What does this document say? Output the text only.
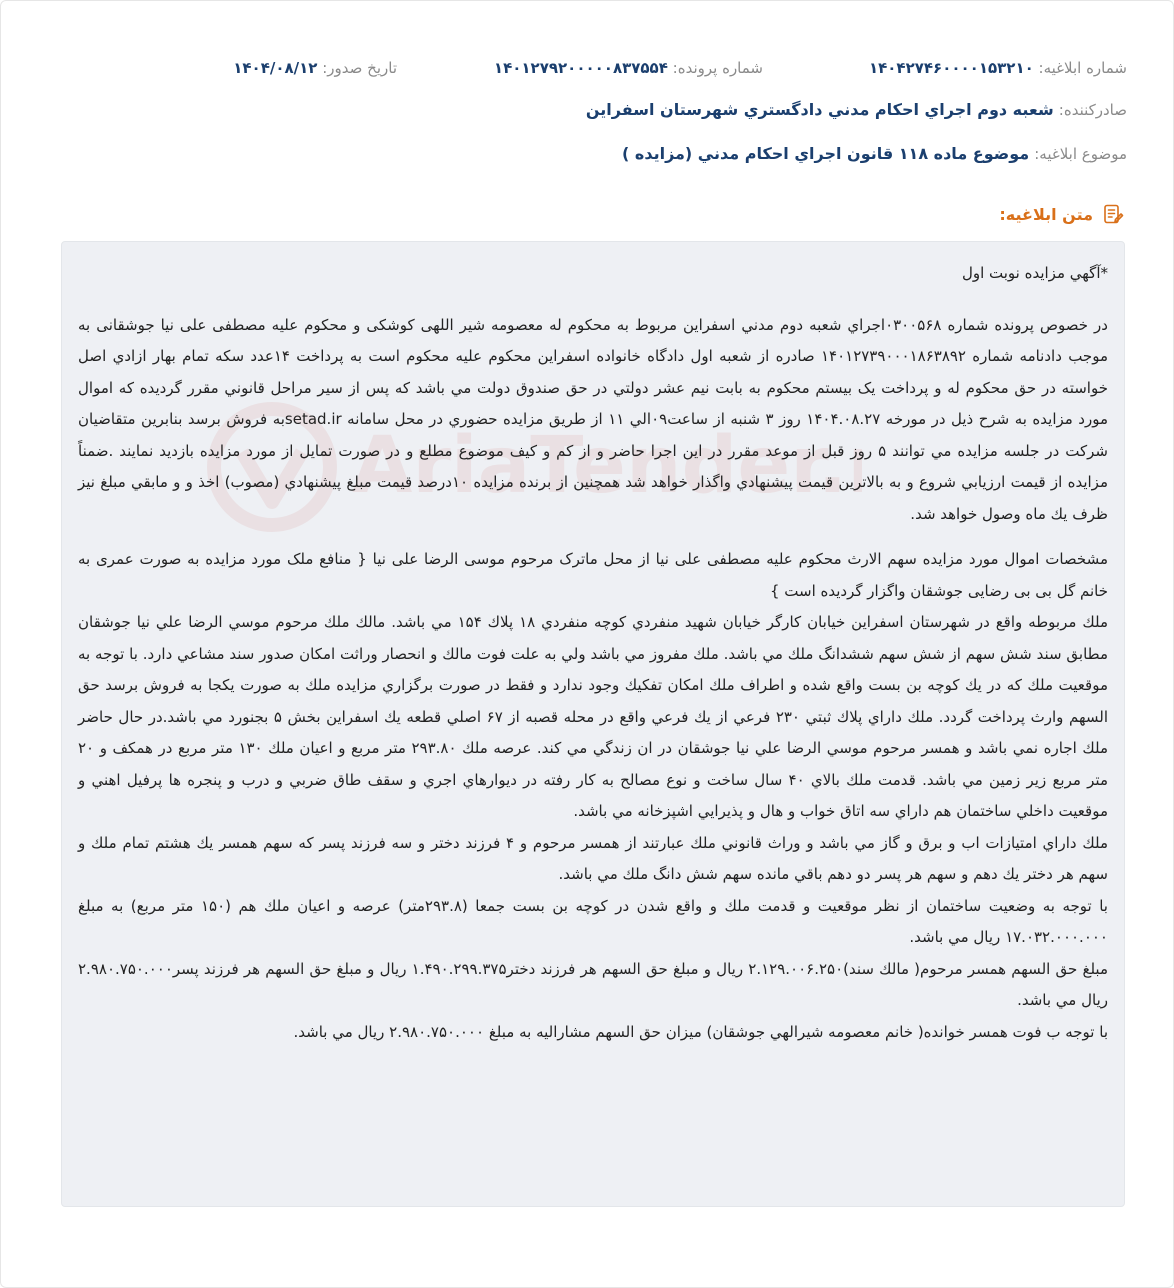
شماره ابلاغیه: ۱۴۰۴۲۷۴۶۰۰۰۰۱۵۳۲۱۰
شماره پرونده: ۱۴۰۱۲۷۹۲۰۰۰۰۰۸۳۷۵۵۴
تاریخ صدور: ۱۴۰۴/۰۸/۱۲
صادرکننده: شعبه دوم اجراي احكام مدني دادگستري شهرستان اسفراين
موضوع ابلاغیه: موضوع ماده ۱۱۸ قانون اجراي احكام مدني (مزايده )
متن ابلاغیه:
AriaTender.

*آگهي مزايده نوبت اول

در خصوص پرونده شماره ۰۳۰۰۵۶۸اجراي شعبه دوم مدني اسفراين مربوط به محكوم له معصومه شير اللهی کوشکی و محکوم عليه مصطفی علی نیا جوشقانی به موجب دادنامه شماره ۱۴۰۱۲۷۳۹۰۰۰۱۸۶۳۸۹۲ صادره از شعبه اول دادگاه خانواده اسفراين محكوم عليه محكوم است به پرداخت ۱۴عدد سکه تمام بهار ازادي اصل خواسته در حق محكوم له و پرداخت یک بیستم محكوم به بابت نيم عشر دولتي در حق صندوق دولت مي باشد كه پس از سير مراحل قانوني مقرر گرديده كه اموال مورد مزايده به شرح ذيل در مورخه ۱۴۰۴.۰۸.۲۷ روز ۳ شنبه از ساعت۰۹الي ۱۱ از طريق مزايده حضوري در محل سامانه setad.irبه فروش برسد بنابرين متقاضيان شركت در جلسه مزايده مي توانند ۵ روز قبل از موعد مقرر در اين اجرا حاضر و از كم و كيف موضوع مطلع و در صورت تمايل از مورد مزايده بازديد نمايند .ضمناً مزايده از قيمت ارزيابي شروع و به بالاترين قيمت پيشنهادي واگذار خواهد شد همچنين از برنده مزايده ۱۰درصد قيمت مبلغ پيشنهادي (مصوب) اخذ و و مابقي مبلغ نيز ظرف يك ماه وصول خواهد شد.

مشخصات اموال مورد مزايده سهم الارث محکوم علیه مصطفی علی نیا از محل ماترک مرحوم موسی الرضا علی نیا { منافع ملک مورد مزایده به صورت عمری به خانم گل بی بی رضایی جوشقان واگزار گردیده است }

ملك مربوطه واقع در شهرستان اسفراين خيابان كارگر خيابان شهيد منفردي كوچه منفردي ۱۸ پلاك ۱۵۴ مي باشد. مالك ملك مرحوم موسي الرضا علي نيا جوشقان مطابق سند شش سهم از شش سهم ششدانگ ملك مي باشد. ملك مفروز مي باشد ولي به علت فوت مالك و انحصار وراثت امكان صدور سند مشاعي دارد. با توجه به موقعيت ملك كه در يك كوچه بن بست واقع شده و اطراف ملك امكان تفكيك وجود ندارد و فقط در صورت برگزاري مزايده ملك به صورت يكجا به فروش برسد حق السهم وارث پرداخت گردد. ملك داراي پلاك ثبتي ۲۳۰ فرعي از يك فرعي واقع در محله قصبه از ۶۷ اصلي قطعه يك اسفراين بخش ۵ بجنورد مي باشد.در حال حاضر ملك اجاره نمي باشد و همسر مرحوم موسي الرضا علي نيا جوشقان در ان زندگي مي كند. عرصه ملك ۲۹۳.۸۰ متر مربع و اعيان ملك ۱۳۰ متر مربع در همكف و ۲۰ متر مربع زير زمين مي باشد. قدمت ملك بالاي ۴۰ سال ساخت و نوع مصالح به كار رفته در ديوارهاي اجري و سقف طاق ضربي و درب و پنجره ها پرفيل اهني و موقعيت داخلي ساختمان هم داراي سه اتاق خواب و هال و پذيرايي اشپزخانه مي باشد.

ملك داراي امتيازات اب و برق و گاز مي باشد و وراث قانوني ملك عبارتند از همسر مرحوم و ۴ فرزند دختر و سه فرزند پسر كه سهم همسر يك هشتم تمام ملك و سهم هر دختر يك دهم و سهم هر پسر دو دهم باقي مانده سهم شش دانگ ملك مي باشد.

با توجه به وضعيت ساختمان از نظر موقعيت و قدمت ملك و واقع شدن در كوچه بن بست جمعا (۲۹۳.۸متر) عرصه و اعيان ملك هم (۱۵۰ متر مربع) به مبلغ ۱۷.۰۳۲.۰۰۰.۰۰۰ ريال مي باشد.

مبلغ حق السهم همسر مرحوم( مالك سند)۲.۱۲۹.۰۰۶.۲۵۰ ريال و مبلغ حق السهم هر فرزند دختر۱.۴۹۰.۲۹۹.۳۷۵ ريال و مبلغ حق السهم هر فرزند پسر۲.۹۸۰.۷۵۰.۰۰۰ ريال مي باشد.

با توجه ب فوت همسر خوانده( خانم معصومه شيرالهي جوشقان) ميزان حق السهم مشاراليه به مبلغ ۲.۹۸۰.۷۵۰.۰۰۰ ريال مي باشد.
